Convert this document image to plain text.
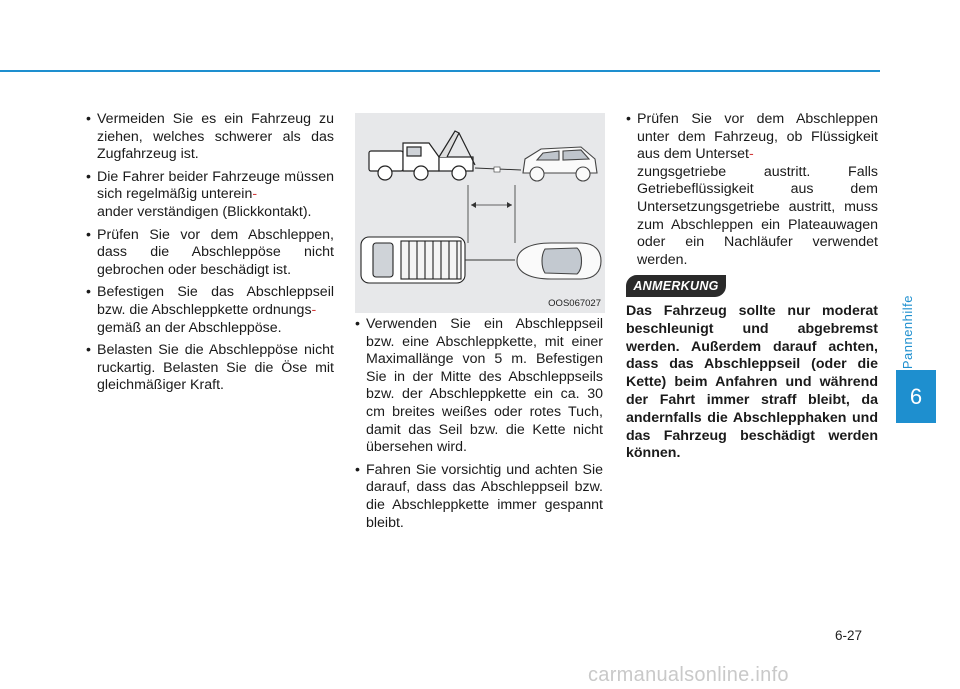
Pannenhilfe
6
• Vermeiden Sie es ein Fahrzeug zu ziehen, welches schwerer als das Zugfahrzeug ist.
• Die Fahrer beider Fahrzeuge müssen sich regelmäßig unterein-
ander verständigen (Blickkontakt).
• Prüfen Sie vor dem Abschleppen, dass die Abschleppöse nicht gebrochen oder beschädigt ist.
• Befestigen Sie das Abschleppseil bzw. die Abschleppkette ordnungs-
gemäß an der Abschleppöse.
• Belasten Sie die Abschleppöse nicht ruckartig. Belasten Sie die Öse mit gleichmäßiger Kraft.
OOS067027
• Verwenden Sie ein Abschleppseil bzw. eine Abschleppkette, mit einer Maximallänge von 5 m. Befestigen Sie in der Mitte des Abschleppseils bzw. der Abschleppkette ein ca. 30 cm breites weißes oder rotes Tuch, damit das Seil bzw. die Kette nicht übersehen wird.
• Fahren Sie vorsichtig und achten Sie darauf, dass das Abschleppseil bzw. die Abschleppkette immer gespannt bleibt.
• Prüfen Sie vor dem Abschleppen unter dem Fahrzeug, ob Flüssigkeit aus dem Unterset-
zungsgetriebe austritt. Falls Getriebeflüssigkeit aus dem Untersetzungsgetriebe austritt, muss zum Abschleppen ein Plateauwagen oder ein Nachläufer verwendet werden.
ANMERKUNG
Das Fahrzeug sollte nur moderat beschleunigt und abgebremst werden. Außerdem darauf achten, dass das Abschleppseil (oder die Kette) beim Anfahren und während der Fahrt immer straff bleibt, da andernfalls die Abschlepphaken und das Fahrzeug beschädigt werden können.
6-27
carmanualsonline.info
